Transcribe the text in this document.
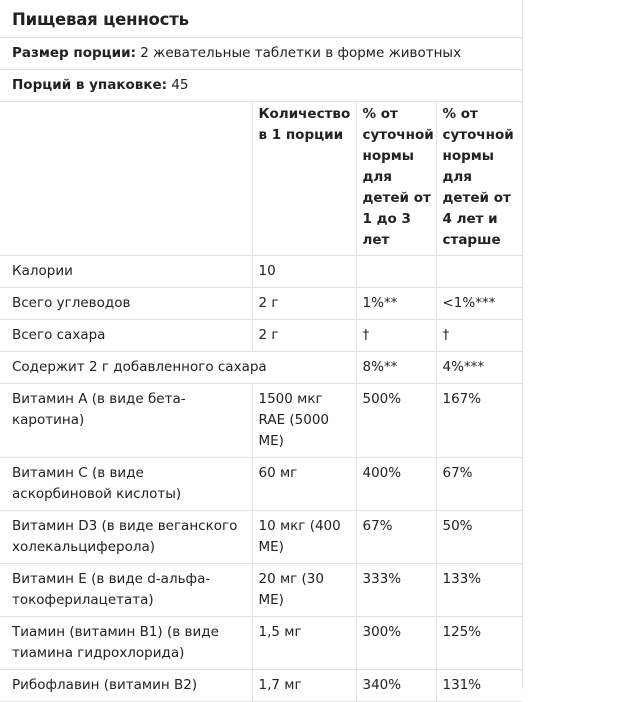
Пищевая ценность
Размер порции: 2 жевательные таблетки в форме животных
Порций в упаковке: 45
	Количество в 1 порции	% от суточной нормы для детей от 1 до 3 лет	% от суточной нормы для детей от 4 лет и старше
Калории	10		
Всего углеводов	2 г	1%**	<1%***
Всего сахара	2 г	†	†
Содержит 2 г добавленного сахара		8%**	4%***
Витамин A (в виде бета-каротина)	1500 мкг RAE (5000 МЕ)	500%	167%
Витамин C (в виде аскорбиновой кислоты)	60 мг	400%	67%
Витамин D3 (в виде веганского холекальциферола)	10 мкг (400 МЕ)	67%	50%
Витамин E (в виде d-альфа-токоферилацетата)	20 мг (30 МЕ)	333%	133%
Тиамин (витамин B1) (в виде тиамина гидрохлорида)	1,5 мг	300%	125%
Рибофлавин (витамин B2)	1,7 мг	340%	131%
